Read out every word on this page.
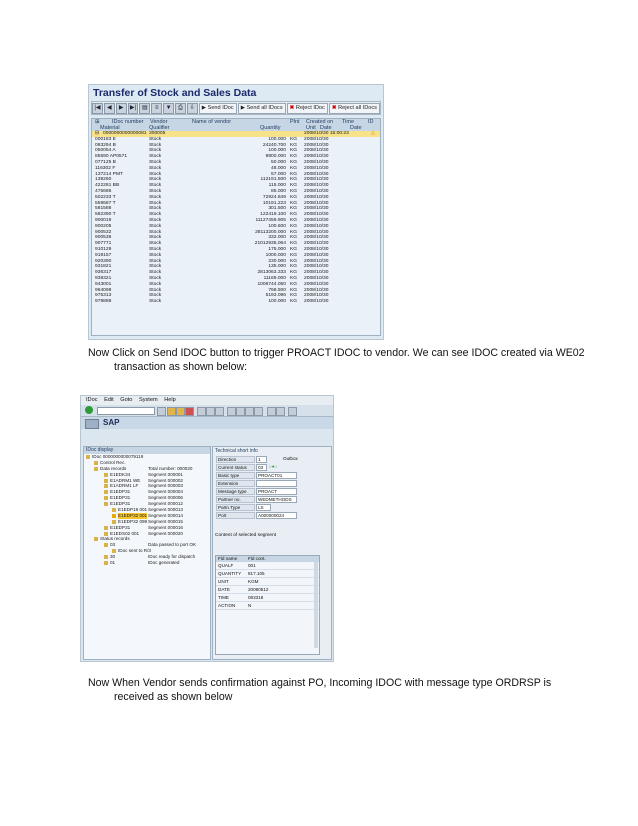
Transfer of Stock and Sales Data
|◀	◀	▶	▶| ▤	≡	▼	⎙	⇩	▶ Send IDoc	▶ Send all IDocs	✖ Reject IDoc	✖ Reject all IDocs
⊞ IDoc number Vendor	Name of vendor	Plnt Created on Time	ID
Material	Qualifier	Quantity	Unit Date	Date
⊟ 0000000000000081 300005	2008/10/30 15:00:23	△
000183 E	Stock	100.000 KG 2008/10/30
083294 B	Stock	24240.700 KG 2008/10/30
050054 A	Stock	100.000 KG 2008/10/30
85590 AP0571	Stock	9800.000 KG 2008/10/30
077125 B	Stock	50.000 KG 2008/10/30
116302 F	Stock	48.000 KG 2008/10/30
137214 PMT	Stock	57.000 KG 2008/10/30
139260	Stock	112191.500 KG 2008/10/30
422281 BB	Stock	115.000 KG 2008/10/30
475686	Stock	85.000 KG 2008/10/30
502233 T	Stock	72924.849 KG 2008/10/30
559687 T	Stock	10191.223 KG 2008/10/30
581588	Stock	301.500 KG 2008/10/30
582390 T	Stock	122419.100 KG 2008/10/30
900019	Stock	11127459.905 KG 2008/10/30
900205	Stock	100.600 KG 2008/10/30
900532	Stock	28113200.000 KG 2008/10/30
900536	Stock	332.000 KG 2008/10/30
907771	Stock	21012935.064 KG 2008/10/30
910129	Stock	175.000 KG 2008/10/30
919157	Stock	1000.000 KG 2008/10/30
920390	Stock	230.000 KG 2008/10/30
931821	Stock	135.000 KG 2008/10/30
936317	Stock	2813063.333 KG 2008/10/30
938321	Stock	11169.000 KG 2008/10/30
943001	Stock	1006744.050 KG 2008/10/30
964098	Stock	768.500 KG 2008/10/30
975313	Stock	5193.096 KG 2008/10/30
979888	Stock	100.000 KG 2008/10/30
Now Click on Send IDOC button to trigger PROACT IDOC to vendor. We can see IDOC created via WE02
transaction as shown below:
IDoc Edit Goto System Help
SAP
IDoc display
IDoc 0000000000079119
Control Rec.
Data records	Total number: 000020
E1EDK34	Segment 000001
E1ADRM1 WE Segment 000002
E1ADRM1 LF Segment 000003
E1EDP31	Segment 000004
E1EDP31	Segment 000006
E1EDP31	Segment 000012
E1EDP19 001 Segment 000013
E1EDP32 001 Segment 000014
E1EDP32 099 Segment 000015
E1EDP31	Segment 000016
E1EDS02 001 Segment 000020
Status records
03	Data passed to port OK
IDoc sent to R/3
30	IDoc ready for dispatch
01	IDoc generated
Technical short info
Direction	1	Outbox
Current status	03	○●○
Basic type	PROACT01
Extension
Message type	PROACT
Partner no.	WEDMETHODS
Partn.Type	LS
Port	A000000024
Content of selected segment
Fld name Fld cont.
QUALF	001
QUANTITY 817.105
UNIT	KGM
DATE	20080512
TIME	083318
ACTION	N
Now When Vendor sends confirmation against PO, Incoming IDOC with message type ORDRSP is
received as shown below
